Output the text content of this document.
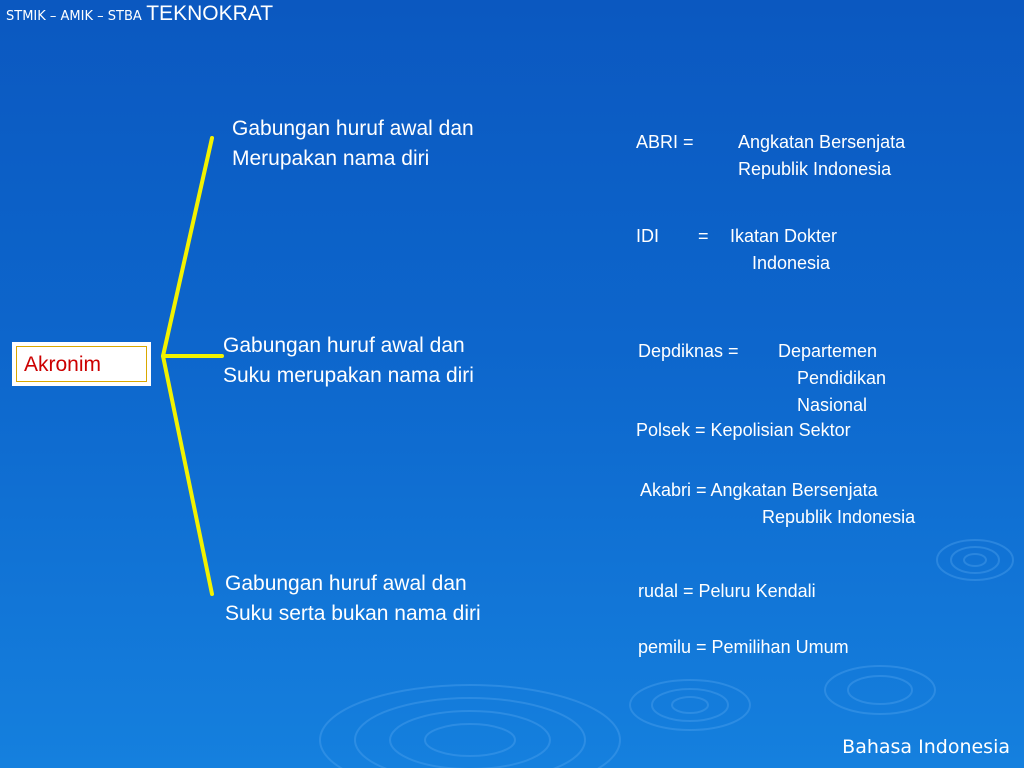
STMIK – AMIK – STBA TEKNOKRAT
Akronim
Gabungan huruf awal dan
Merupakan nama diri
Gabungan huruf awal dan
Suku merupakan nama diri
Gabungan huruf awal dan
Suku serta bukan nama diri
ABRI = Angkatan Bersenjata
Republik Indonesia
IDI = Ikatan Dokter
Indonesia
Depdiknas = Departemen
Pendidikan
Nasional
Polsek = Kepolisian Sektor
Akabri = Angkatan Bersenjata
Republik Indonesia
rudal = Peluru Kendali
pemilu = Pemilihan Umum
Bahasa Indonesia
